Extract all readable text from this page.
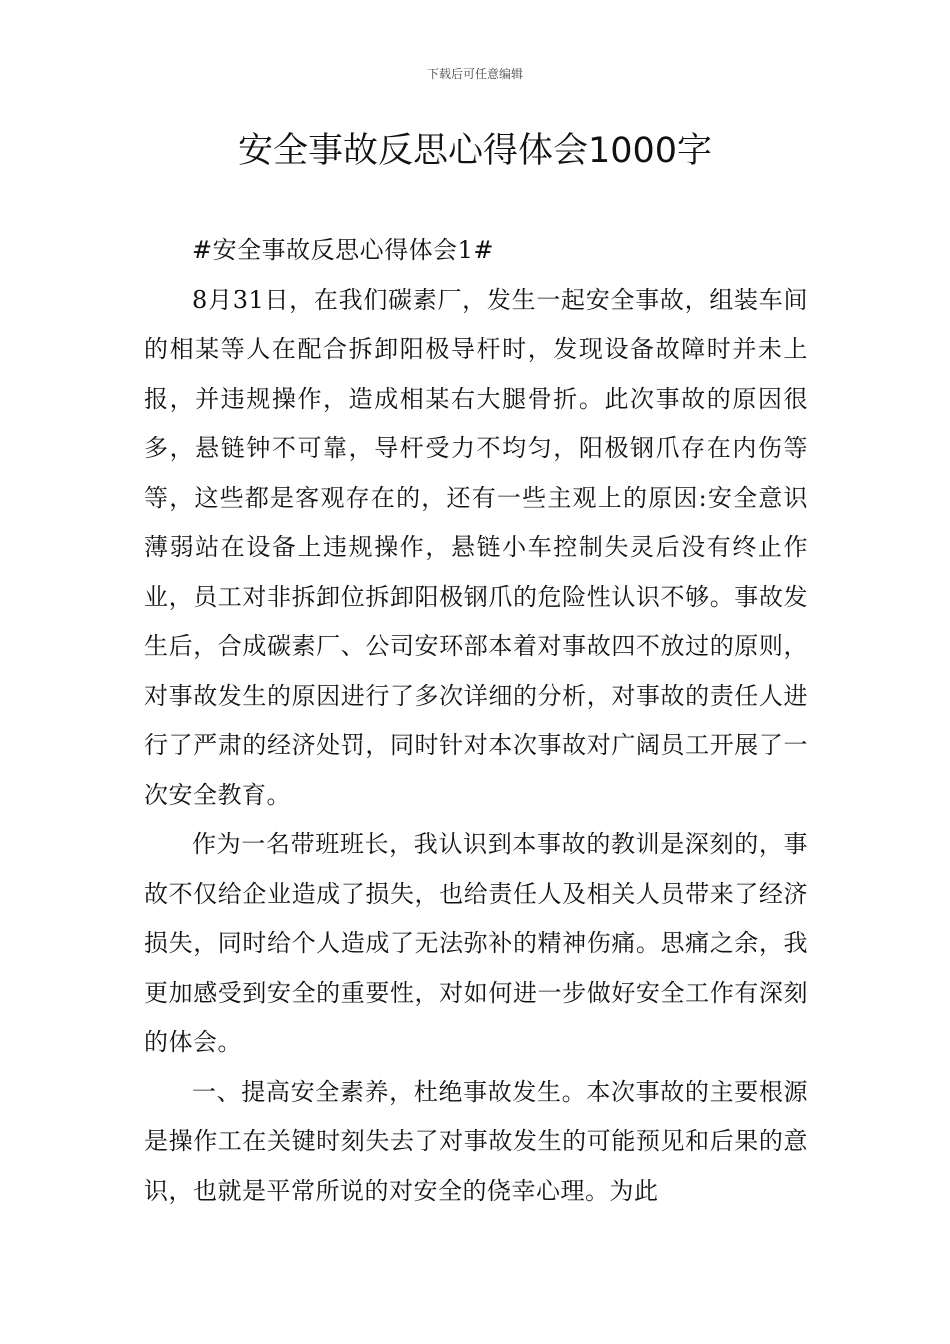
下载后可任意编辑
安全事故反思心得体会1000字

#安全事故反思心得体会1#

8月31日，在我们碳素厂，发生一起安全事故，组装车间的相某等人在配合拆卸阳极导杆时，发现设备故障时并未上报，并违规操作，造成相某右大腿骨折。此次事故的原因很多，悬链钟不可靠，导杆受力不均匀，阳极钢爪存在内伤等等，这些都是客观存在的，还有一些主观上的原因:安全意识薄弱站在设备上违规操作，悬链小车控制失灵后没有终止作业，员工对非拆卸位拆卸阳极钢爪的危险性认识不够。事故发生后，合成碳素厂、公司安环部本着对事故四不放过的原则，对事故发生的原因进行了多次详细的分析，对事故的责任人进行了严肃的经济处罚，同时针对本次事故对广阔员工开展了一次安全教育。

作为一名带班班长，我认识到本事故的教训是深刻的，事故不仅给企业造成了损失，也给责任人及相关人员带来了经济损失，同时给个人造成了无法弥补的精神伤痛。思痛之余，我更加感受到安全的重要性，对如何进一步做好安全工作有深刻的体会。

一、提高安全素养，杜绝事故发生。本次事故的主要根源是操作工在关键时刻失去了对事故发生的可能预见和后果的意识，也就是平常所说的对安全的侥幸心理。为此
